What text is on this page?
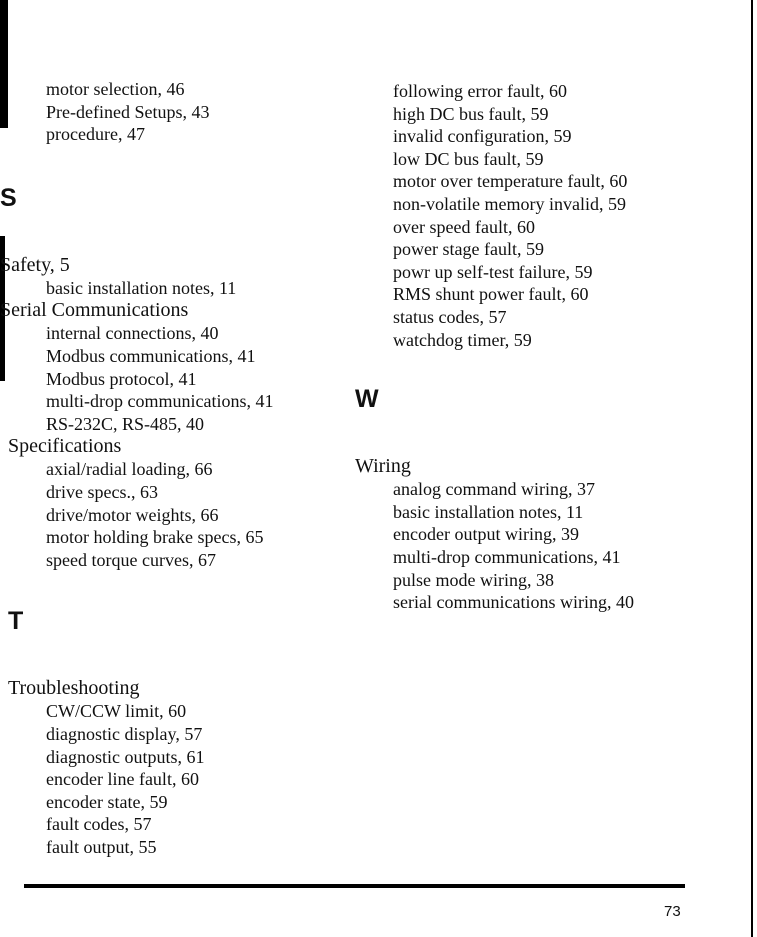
motor selection, 46
Pre-defined Setups, 43
procedure, 47
S
Safety, 5
basic installation notes, 11
Serial Communications
internal connections, 40
Modbus communications, 41
Modbus protocol, 41
multi-drop communications, 41
RS-232C, RS-485, 40
Specifications
axial/radial loading, 66
drive specs., 63
drive/motor weights, 66
motor holding brake specs, 65
speed torque curves, 67
T
Troubleshooting
CW/CCW limit, 60
diagnostic display, 57
diagnostic outputs, 61
encoder line fault, 60
encoder state, 59
fault codes, 57
fault output, 55
following error fault, 60
high DC bus fault, 59
invalid configuration, 59
low DC bus fault, 59
motor over temperature fault, 60
non-volatile memory invalid, 59
over speed fault, 60
power stage fault, 59
powr up self-test failure, 59
RMS shunt power fault, 60
status codes, 57
watchdog timer, 59
W
Wiring
analog command wiring, 37
basic installation notes, 11
encoder output wiring, 39
multi-drop communications, 41
pulse mode wiring, 38
serial communications wiring, 40
73
